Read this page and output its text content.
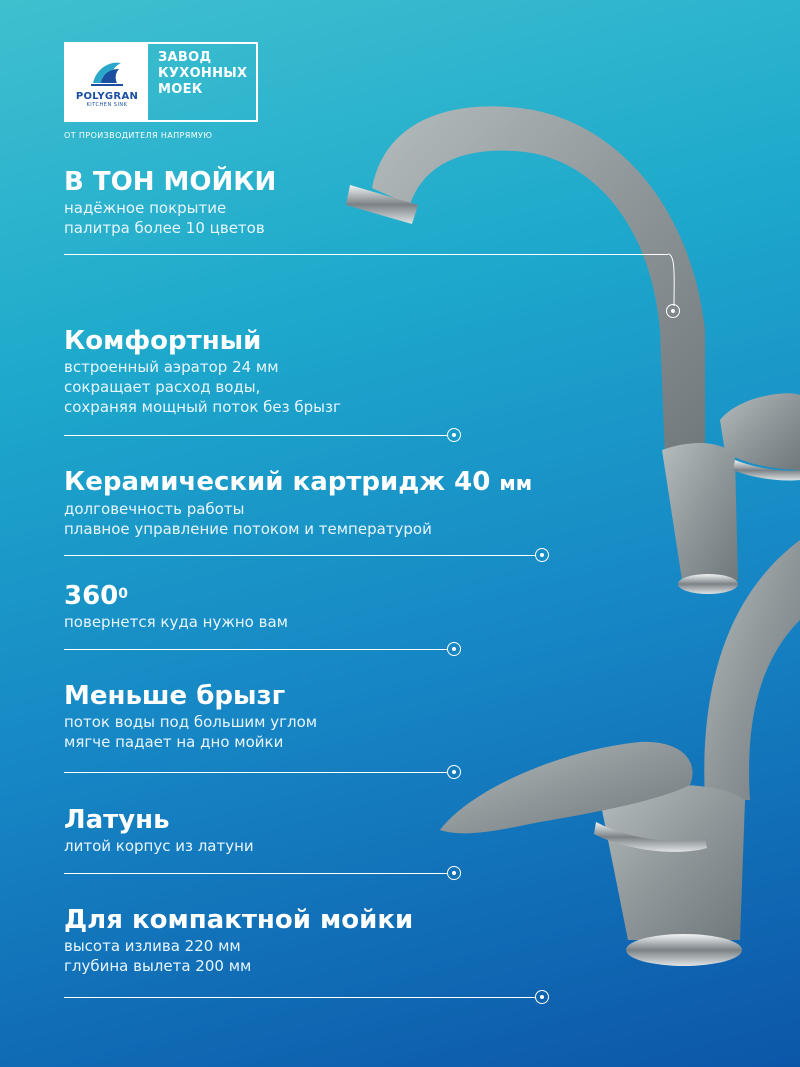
POLYGRAN
KITCHEN SINK
ЗАВОД
КУХОННЫХ
МОЕК
ОТ ПРОИЗВОДИТЕЛЯ НАПРЯМУЮ
В ТОН МОЙКИ
надёжное покрытие
палитра более 10 цветов
Комфортный
встроенный аэратор 24 мм
сокращает расход воды,
сохраняя мощный поток без брызг
Керамический картридж 40 мм
долговечность работы
плавное управление потоком и температурой
$360^0$
повернется куда нужно вам
Меньше брызг
поток воды под большим углом
мягче падает на дно мойки
Латунь
литой корпус из латуни
Для компактной мойки
высота излива 220 мм
глубина вылета 200 мм
